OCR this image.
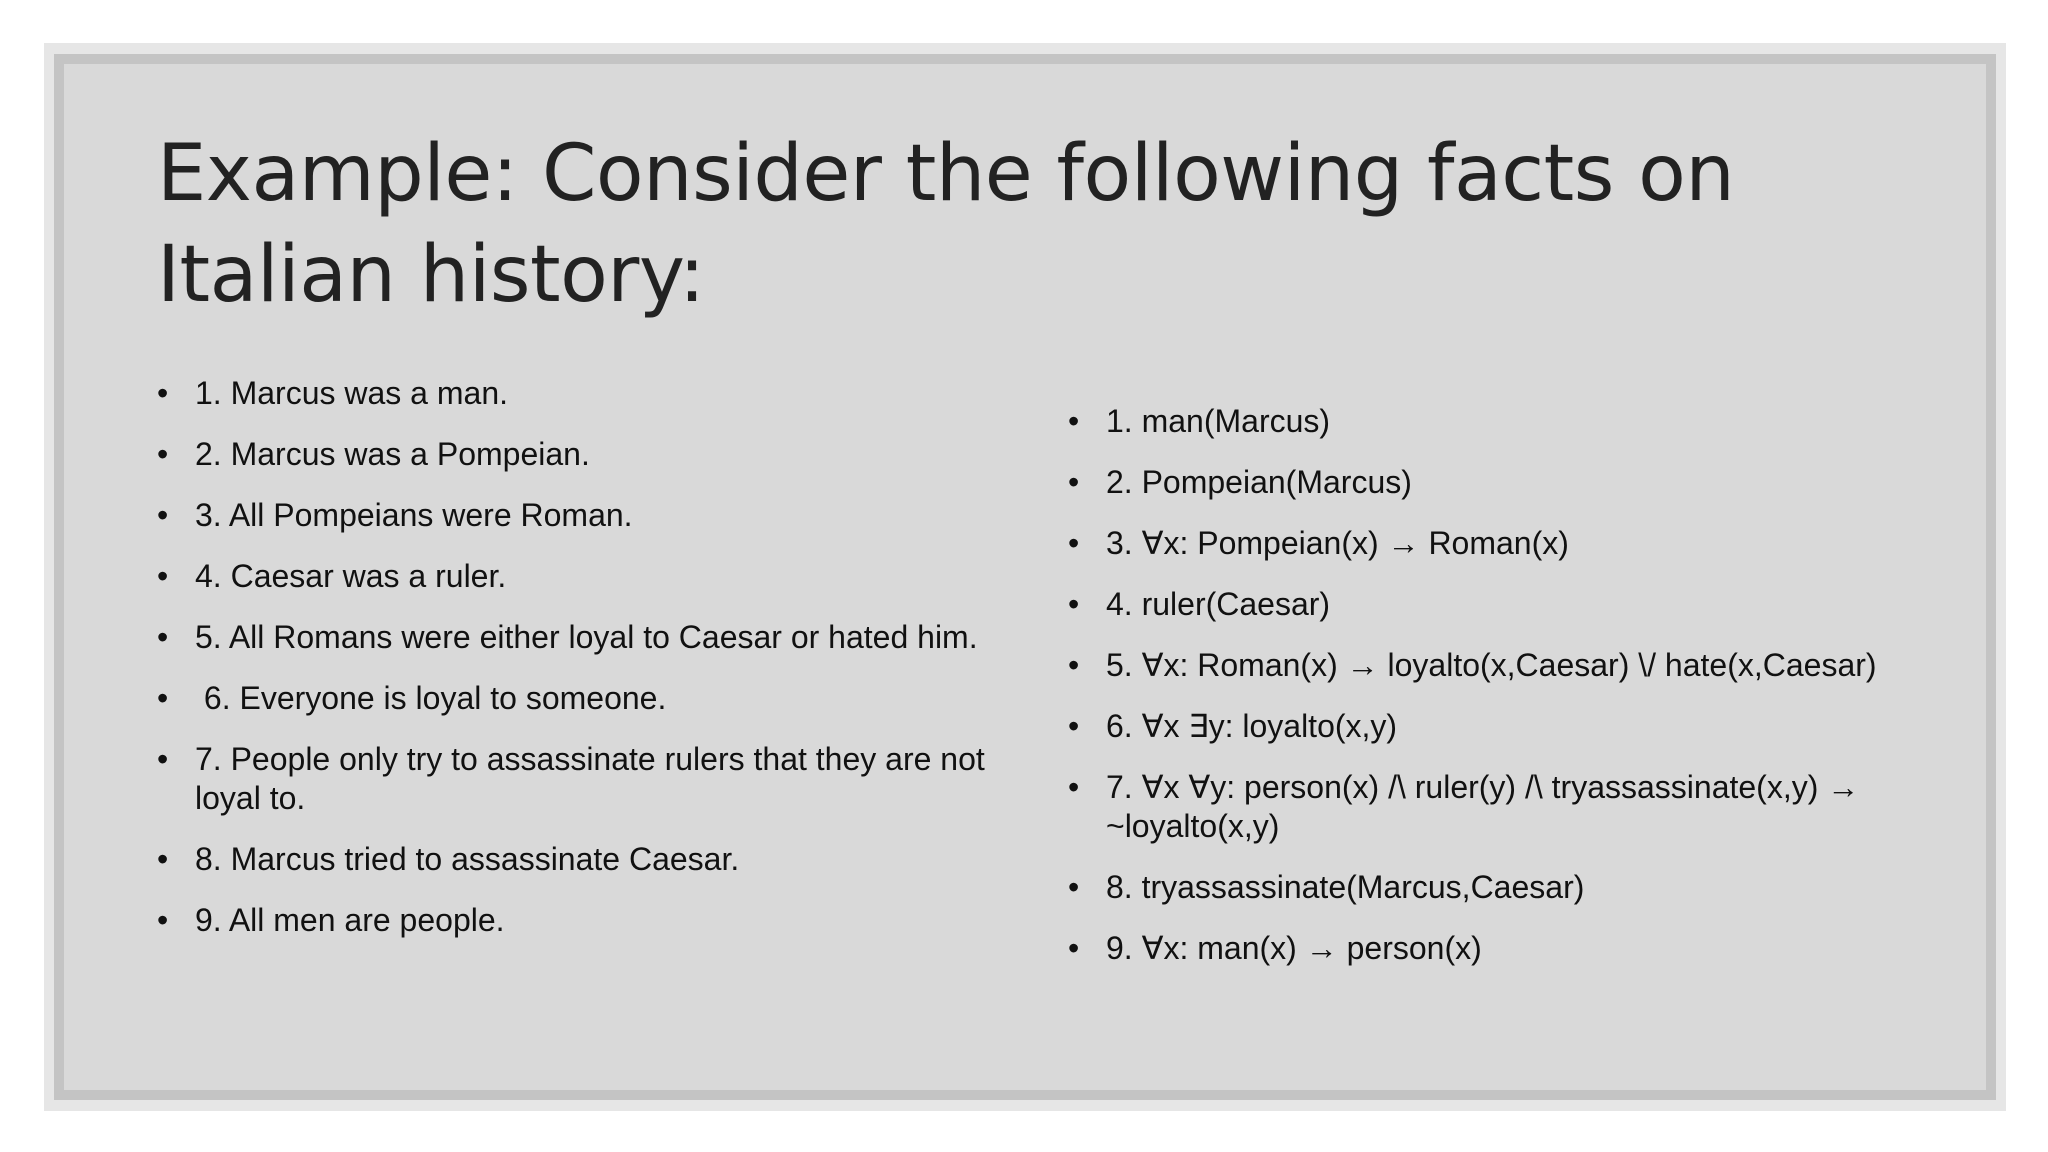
Example: Consider the following facts on Italian history:
• 1. Marcus was a man.
• 2. Marcus was a Pompeian.
• 3. All Pompeians were Roman.
• 4. Caesar was a ruler.
• 5. All Romans were either loyal to Caesar or hated him.
• 6. Everyone is loyal to someone.
• 7. People only try to assassinate rulers that they are not loyal to.
• 8. Marcus tried to assassinate Caesar.
• 9. All men are people.
• 1. man(Marcus)
• 2. Pompeian(Marcus)
• 3. ∀x: Pompeian(x) → Roman(x)
• 4. ruler(Caesar)
• 5. ∀x: Roman(x) → loyalto(x,Caesar) \/ hate(x,Caesar)
• 6. ∀x ∃y: loyalto(x,y)
• 7. ∀x ∀y: person(x) /\ ruler(y) /\ tryassassinate(x,y) → ~loyalto(x,y)
• 8. tryassassinate(Marcus,Caesar)
• 9. ∀x: man(x) → person(x)
